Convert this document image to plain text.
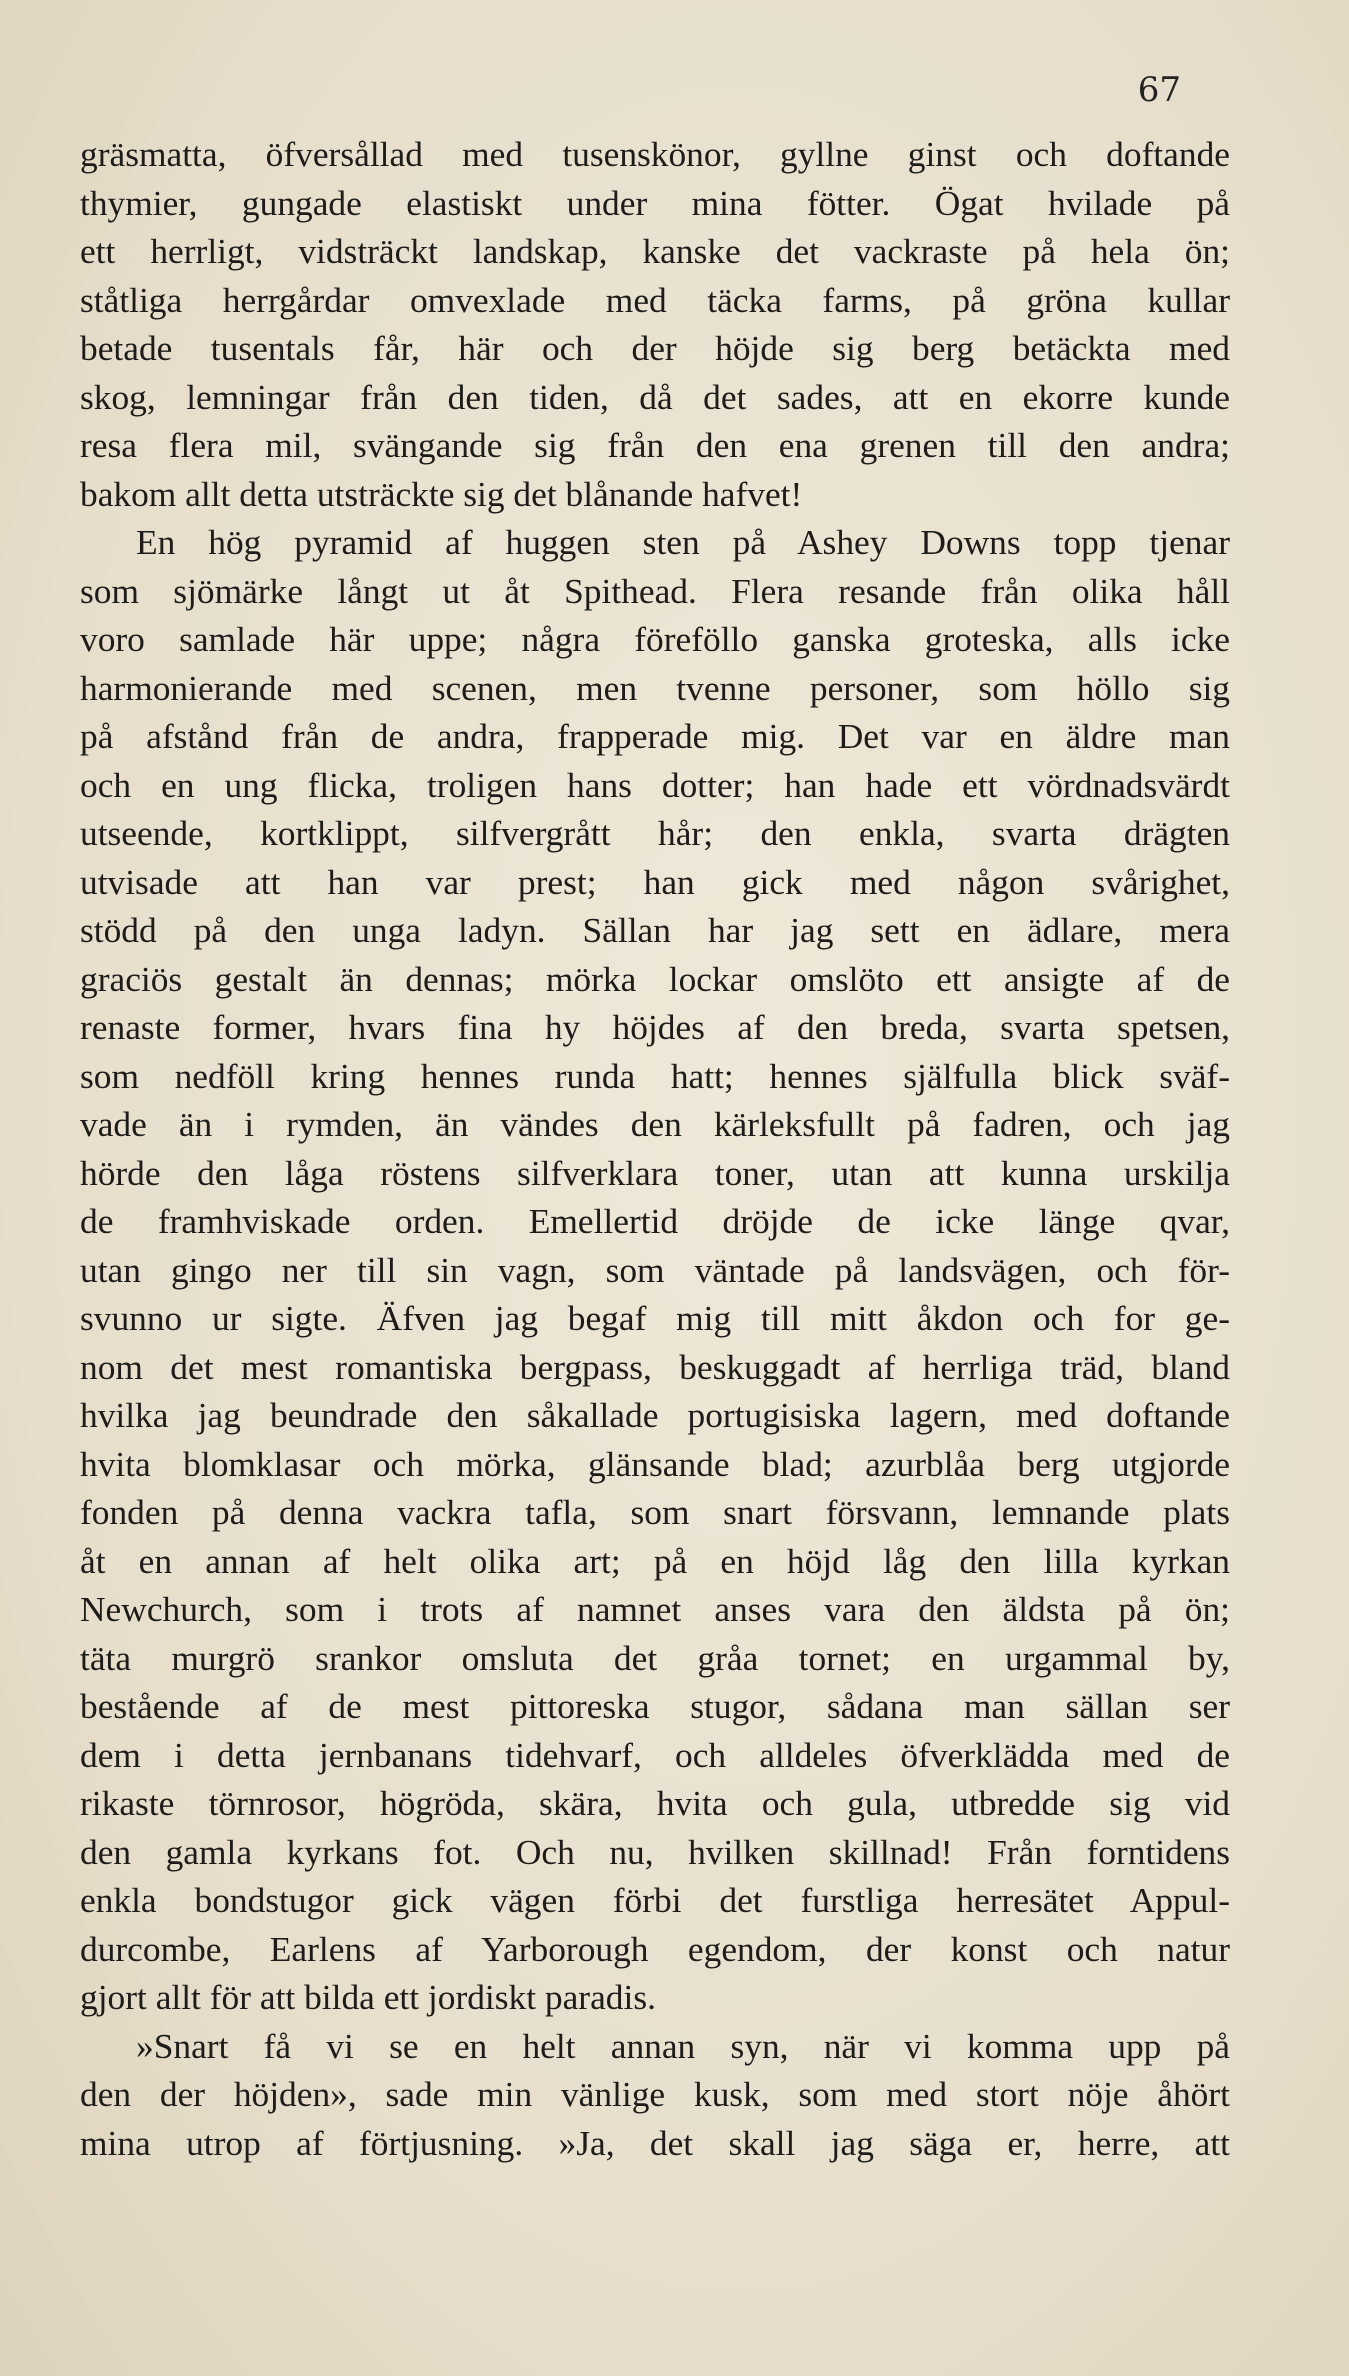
67
gräsmatta, öfversållad med tusenskönor, gyllne ginst och doftande
thymier, gungade elastiskt under mina fötter. Ögat hvilade på
ett herrligt, vidsträckt landskap, kanske det vackraste på hela ön;
ståtliga herrgårdar omvexlade med täcka farms, på gröna kullar
betade tusentals får, här och der höjde sig berg betäckta med
skog, lemningar från den tiden, då det sades, att en ekorre kunde
resa flera mil, svängande sig från den ena grenen till den andra;
bakom allt detta utsträckte sig det blånande hafvet!
En hög pyramid af huggen sten på Ashey Downs topp tjenar
som sjömärke långt ut åt Spithead. Flera resande från olika håll
voro samlade här uppe; några föreföllo ganska groteska, alls icke
harmonierande med scenen, men tvenne personer, som höllo sig
på afstånd från de andra, frapperade mig. Det var en äldre man
och en ung flicka, troligen hans dotter; han hade ett vördnadsvärdt
utseende, kortklippt, silfvergrått hår; den enkla, svarta drägten
utvisade att han var prest; han gick med någon svårighet,
stödd på den unga ladyn. Sällan har jag sett en ädlare, mera
graciös gestalt än dennas; mörka lockar omslöto ett ansigte af de
renaste former, hvars fina hy höjdes af den breda, svarta spetsen,
som nedföll kring hennes runda hatt; hennes själfulla blick sväf-
vade än i rymden, än vändes den kärleksfullt på fadren, och jag
hörde den låga röstens silfverklara toner, utan att kunna urskilja
de framhviskade orden. Emellertid dröjde de icke länge qvar,
utan gingo ner till sin vagn, som väntade på landsvägen, och för-
svunno ur sigte. Äfven jag begaf mig till mitt åkdon och for ge-
nom det mest romantiska bergpass, beskuggadt af herrliga träd, bland
hvilka jag beundrade den såkallade portugisiska lagern, med doftande
hvita blomklasar och mörka, glänsande blad; azurblåa berg utgjorde
fonden på denna vackra tafla, som snart försvann, lemnande plats
åt en annan af helt olika art; på en höjd låg den lilla kyrkan
Newchurch, som i trots af namnet anses vara den äldsta på ön;
täta murgrö srankor omsluta det gråa tornet; en urgammal by,
bestående af de mest pittoreska stugor, sådana man sällan ser
dem i detta jernbanans tidehvarf, och alldeles öfverklädda med de
rikaste törnrosor, högröda, skära, hvita och gula, utbredde sig vid
den gamla kyrkans fot. Och nu, hvilken skillnad! Från forntidens
enkla bondstugor gick vägen förbi det furstliga herresätet Appul-
durcombe, Earlens af Yarborough egendom, der konst och natur
gjort allt för att bilda ett jordiskt paradis.
»Snart få vi se en helt annan syn, när vi komma upp på
den der höjden», sade min vänlige kusk, som med stort nöje åhört
mina utrop af förtjusning. »Ja, det skall jag säga er, herre, att
